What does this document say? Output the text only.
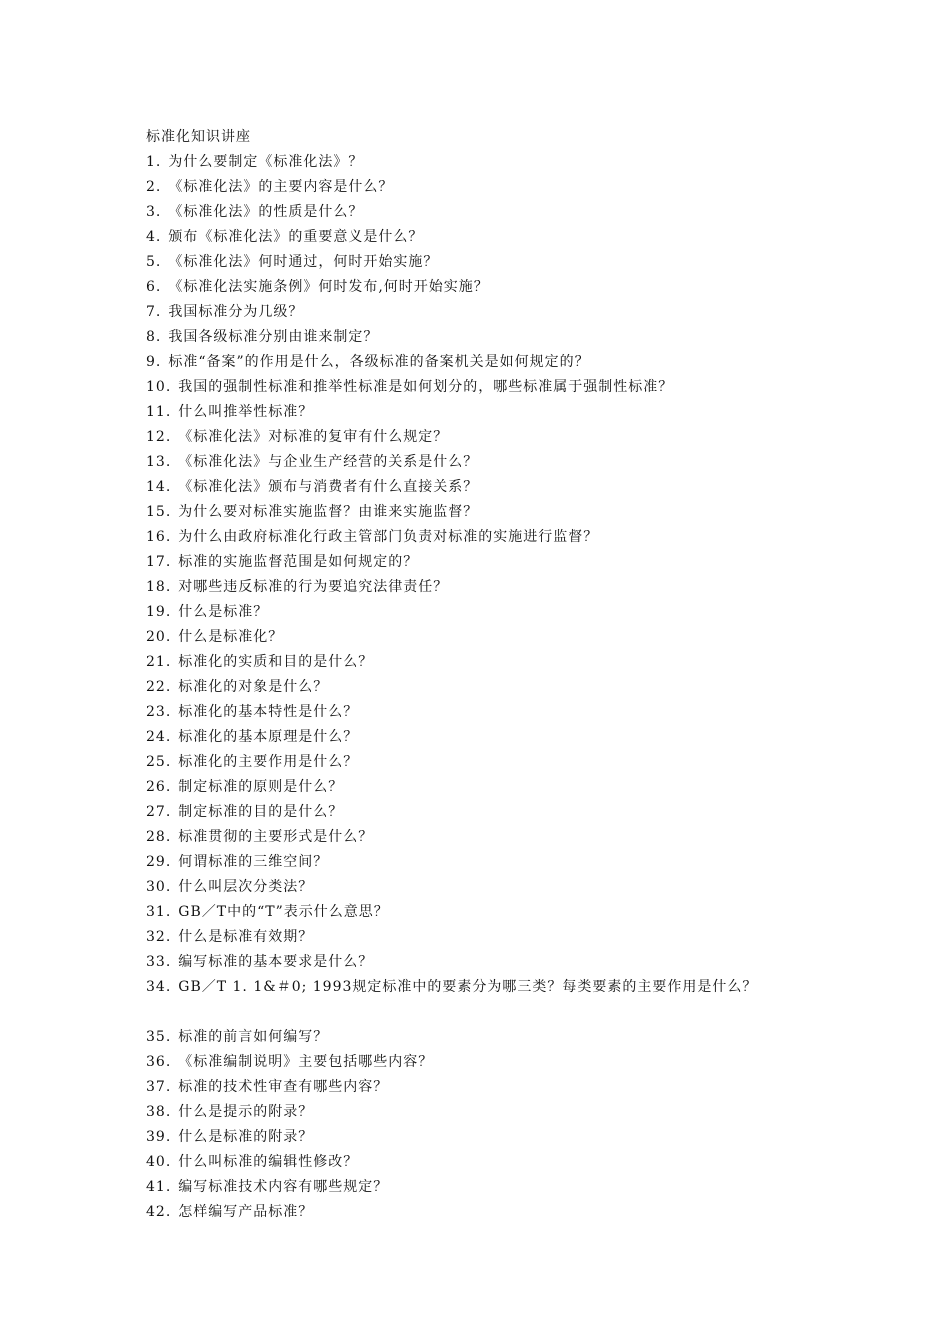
标准化知识讲座
1. 为什么要制定《标准化法》？
2. 《标准化法》的主要内容是什么？
3. 《标准化法》的性质是什么？
4. 颁布《标准化法》的重要意义是什么？
5. 《标准化法》何时通过，何时开始实施？
6. 《标准化法实施条例》何时发布,何时开始实施？
7. 我国标准分为几级？
8. 我国各级标准分别由谁来制定？
9. 标准“备案”的作用是什么，各级标准的备案机关是如何规定的？
10. 我国的强制性标准和推举性标准是如何划分的，哪些标准属于强制性标准？
11. 什么叫推举性标准？
12. 《标准化法》对标准的复审有什么规定？
13. 《标准化法》与企业生产经营的关系是什么？
14. 《标准化法》颁布与消费者有什么直接关系？
15. 为什么要对标准实施监督？由谁来实施监督？
16. 为什么由政府标准化行政主管部门负责对标准的实施进行监督？
17. 标准的实施监督范围是如何规定的？
18. 对哪些违反标准的行为要追究法律责任？
19. 什么是标准？
20. 什么是标准化？
21. 标准化的实质和目的是什么？
22. 标准化的对象是什么？
23. 标准化的基本特性是什么？
24. 标准化的基本原理是什么？
25. 标准化的主要作用是什么？
26. 制定标准的原则是什么？
27. 制定标准的目的是什么？
28. 标准贯彻的主要形式是什么？
29. 何谓标准的三维空间？
30. 什么叫层次分类法？
31. GB／T中的“T”表示什么意思？
32. 什么是标准有效期？
33. 编写标准的基本要求是什么？
34. GB／T 1. 1&＃0; 1993规定标准中的要素分为哪三类？每类要素的主要作用是什么？
35. 标准的前言如何编写？
36. 《标准编制说明》主要包括哪些内容？
37. 标准的技术性审查有哪些内容？
38. 什么是提示的附录？
39. 什么是标准的附录？
40. 什么叫标准的编辑性修改？
41. 编写标准技术内容有哪些规定？
42. 怎样编写产品标准？
